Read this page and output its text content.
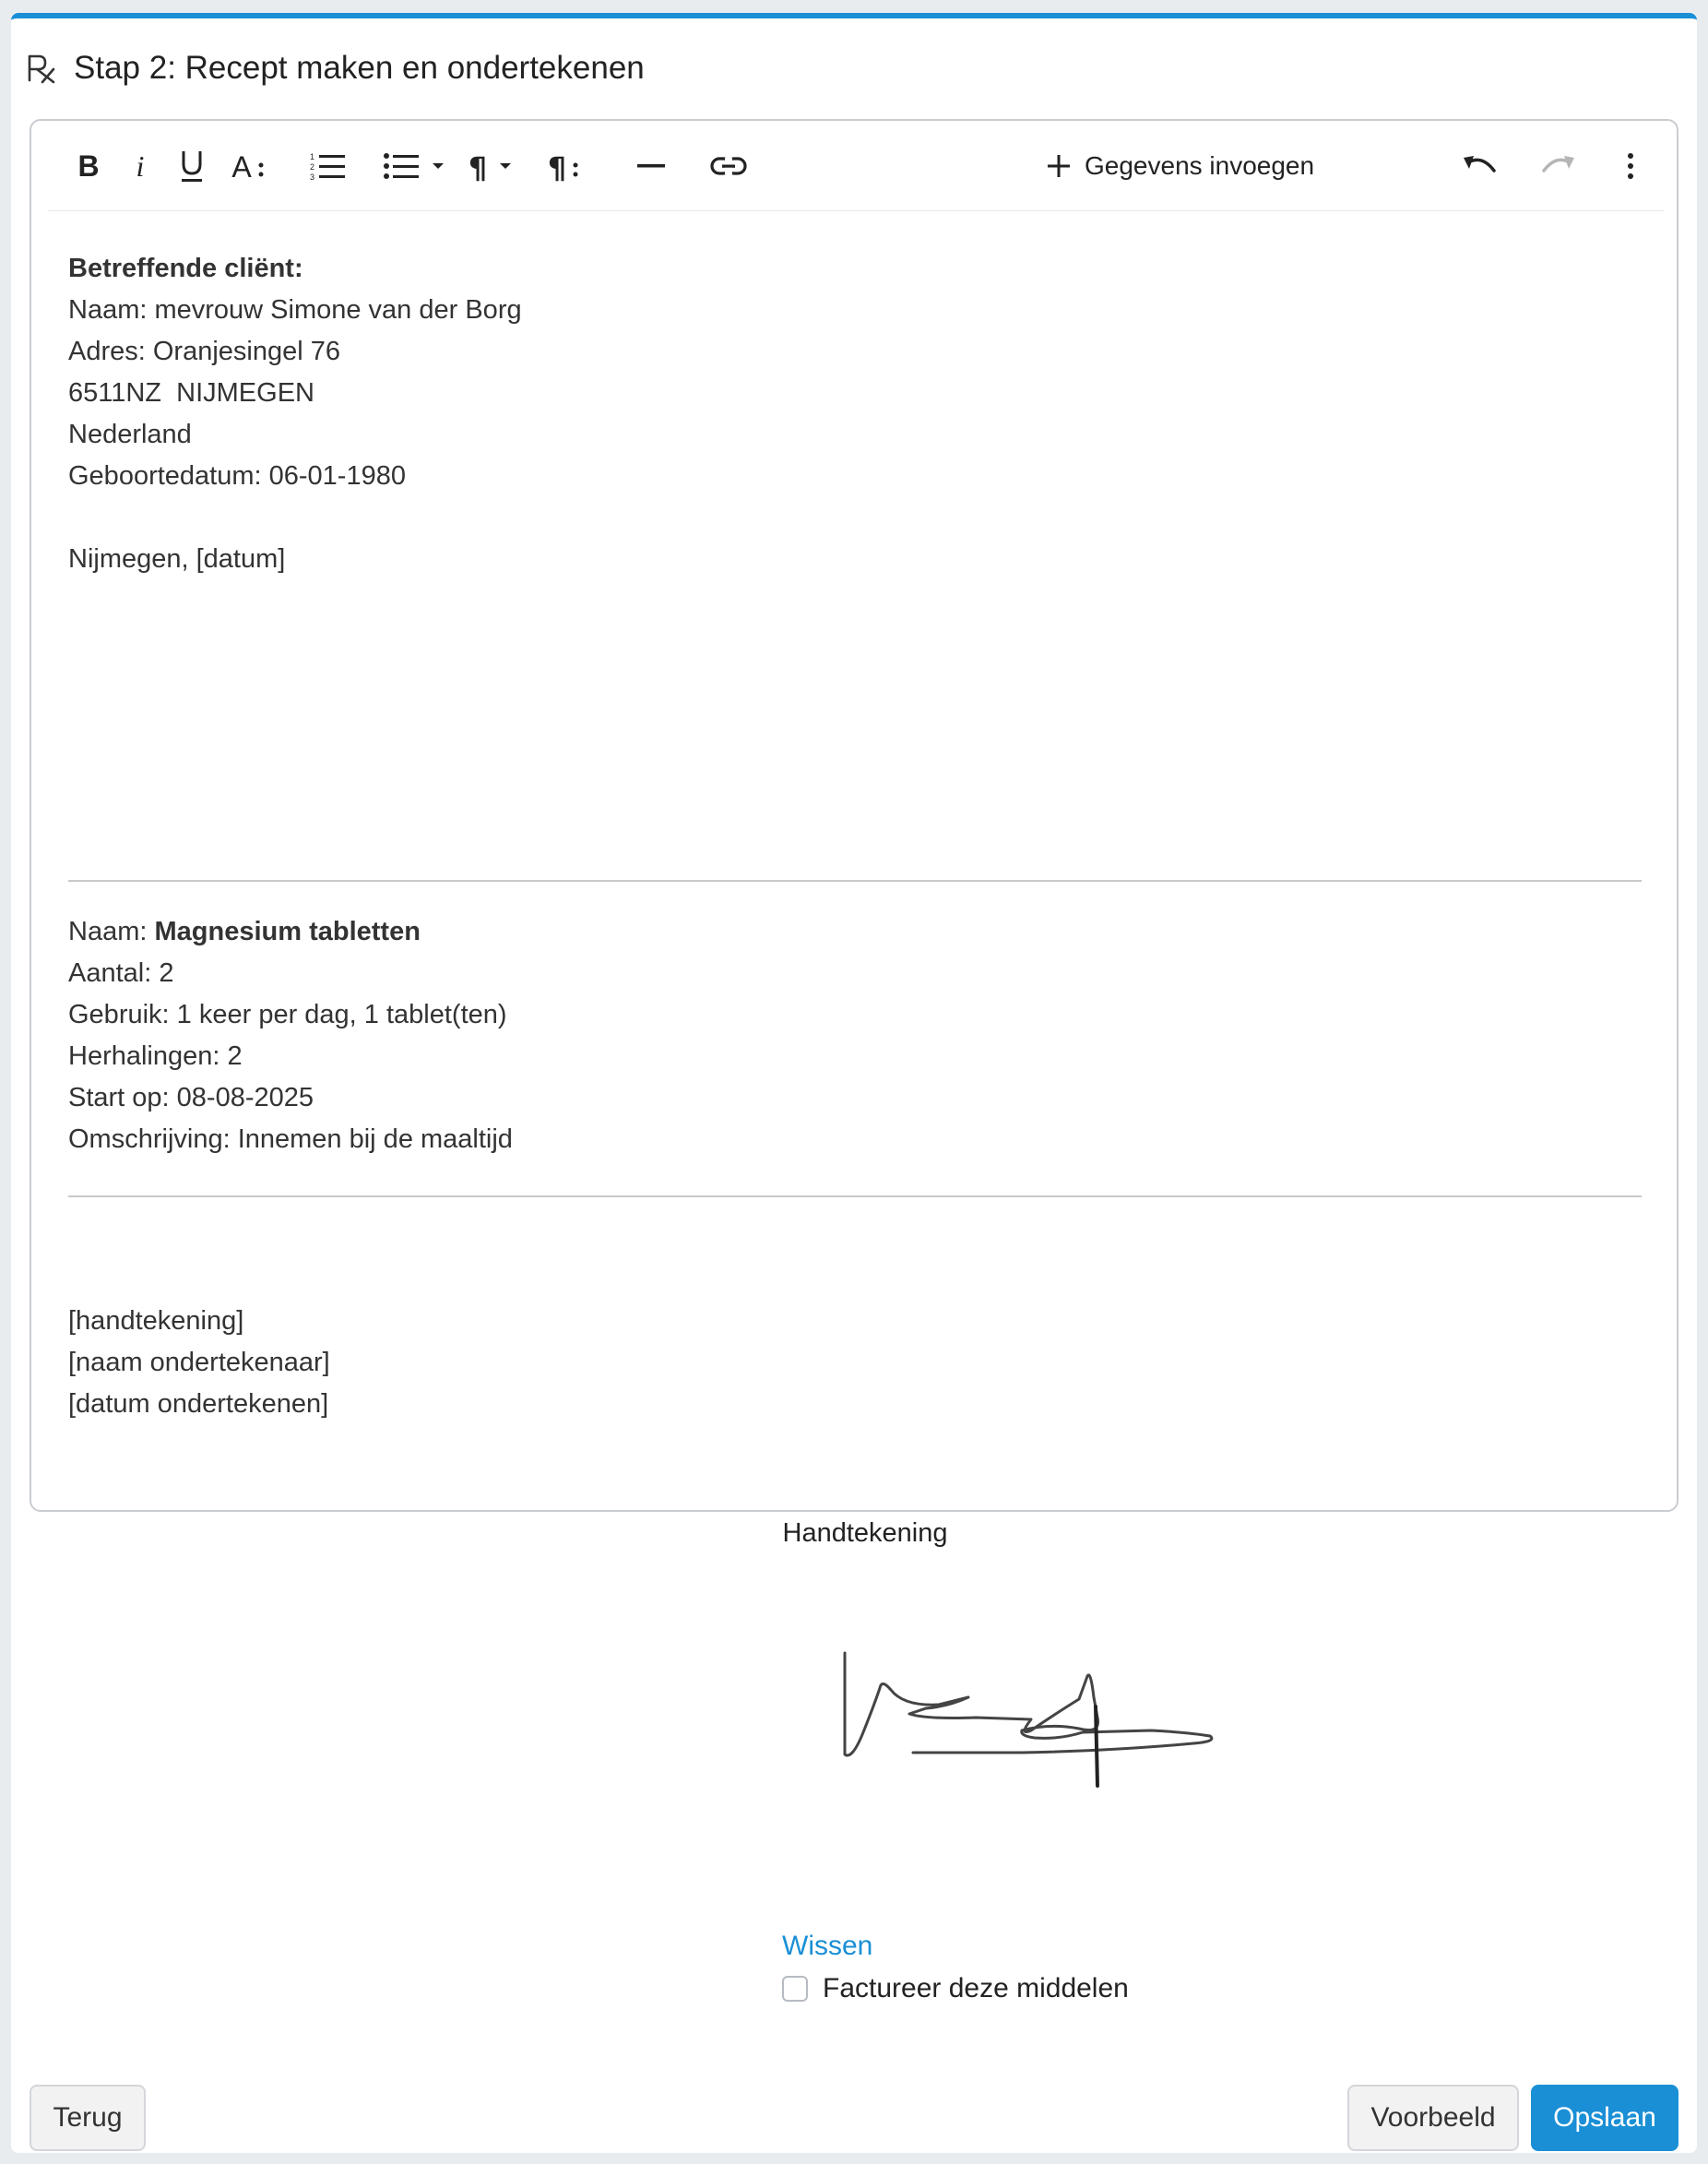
Stap 2: Recept maken en ondertekenen
B i	A	1
2
3	¶ ¶	Gegevens invoegen
Betreffende cliënt:
Naam: mevrouw Simone van der Borg
Adres: Oranjesingel 76
6511NZ  NIJMEGEN
Nederland
Geboortedatum: 06-01-1980
Nijmegen, [datum]
Naam: Magnesium tabletten
Aantal: 2
Gebruik: 1 keer per dag, 1 tablet(ten)
Herhalingen: 2
Start op: 08-08-2025
Omschrijving: Innemen bij de maaltijd
[handtekening]
[naam ondertekenaar]
[datum ondertekenen]
Handtekening
Wissen
Factureer deze middelen
Terug	Voorbeeld	Opslaan
